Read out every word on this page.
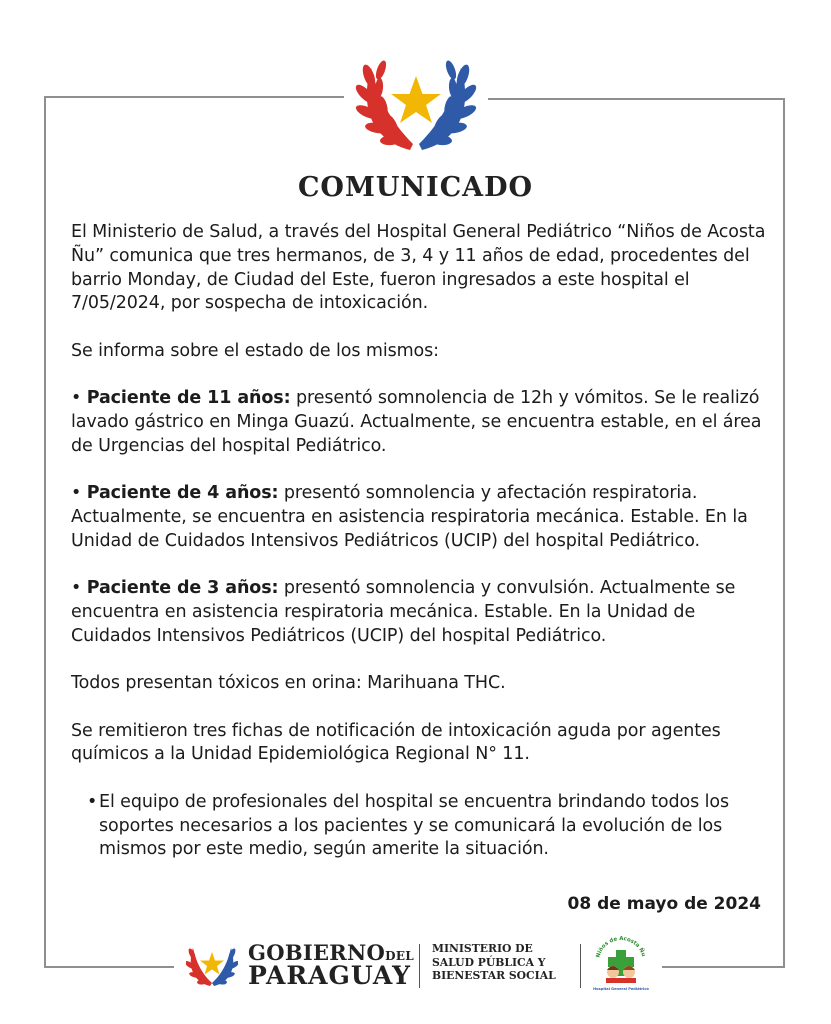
COMUNICADO

El Ministerio de Salud, a través del Hospital General Pediátrico “Niños de Acosta Ñu” comunica que tres hermanos, de 3, 4 y 11 años de edad, procedentes del barrio Monday, de Ciudad del Este, fueron ingresados a este hospital el 7/05/2024, por sospecha de intoxicación.

Se informa sobre el estado de los mismos:

• Paciente de 11 años: presentó somnolencia de 12h y vómitos. Se le realizó lavado gástrico en Minga Guazú. Actualmente, se encuentra estable, en el área de Urgencias del hospital Pediátrico.

• Paciente de 4 años: presentó somnolencia y afectación respiratoria. Actualmente, se encuentra en asistencia respiratoria mecánica. Estable. En la Unidad de Cuidados Intensivos Pediátricos (UCIP) del hospital Pediátrico.

• Paciente de 3 años: presentó somnolencia y convulsión. Actualmente se encuentra en asistencia respiratoria mecánica. Estable. En la Unidad de Cuidados Intensivos Pediátricos (UCIP) del hospital Pediátrico.

Todos presentan tóxicos en orina: Marihuana THC.

Se remitieron tres fichas de notificación de intoxicación aguda por agentes químicos a la Unidad Epidemiológica Regional N° 11.

• El equipo de profesionales del hospital se encuentra brindando todos los soportes necesarios a los pacientes y se comunicará la evolución de los mismos por este medio, según amerite la situación.
08 de mayo de 2024
GOBIERNODEL
PARAGUAY
MINISTERIO DE
SALUD PÚBLICA Y
BIENESTAR SOCIAL
Niños de Acosta Ñu
Hospital General Pediátrico
